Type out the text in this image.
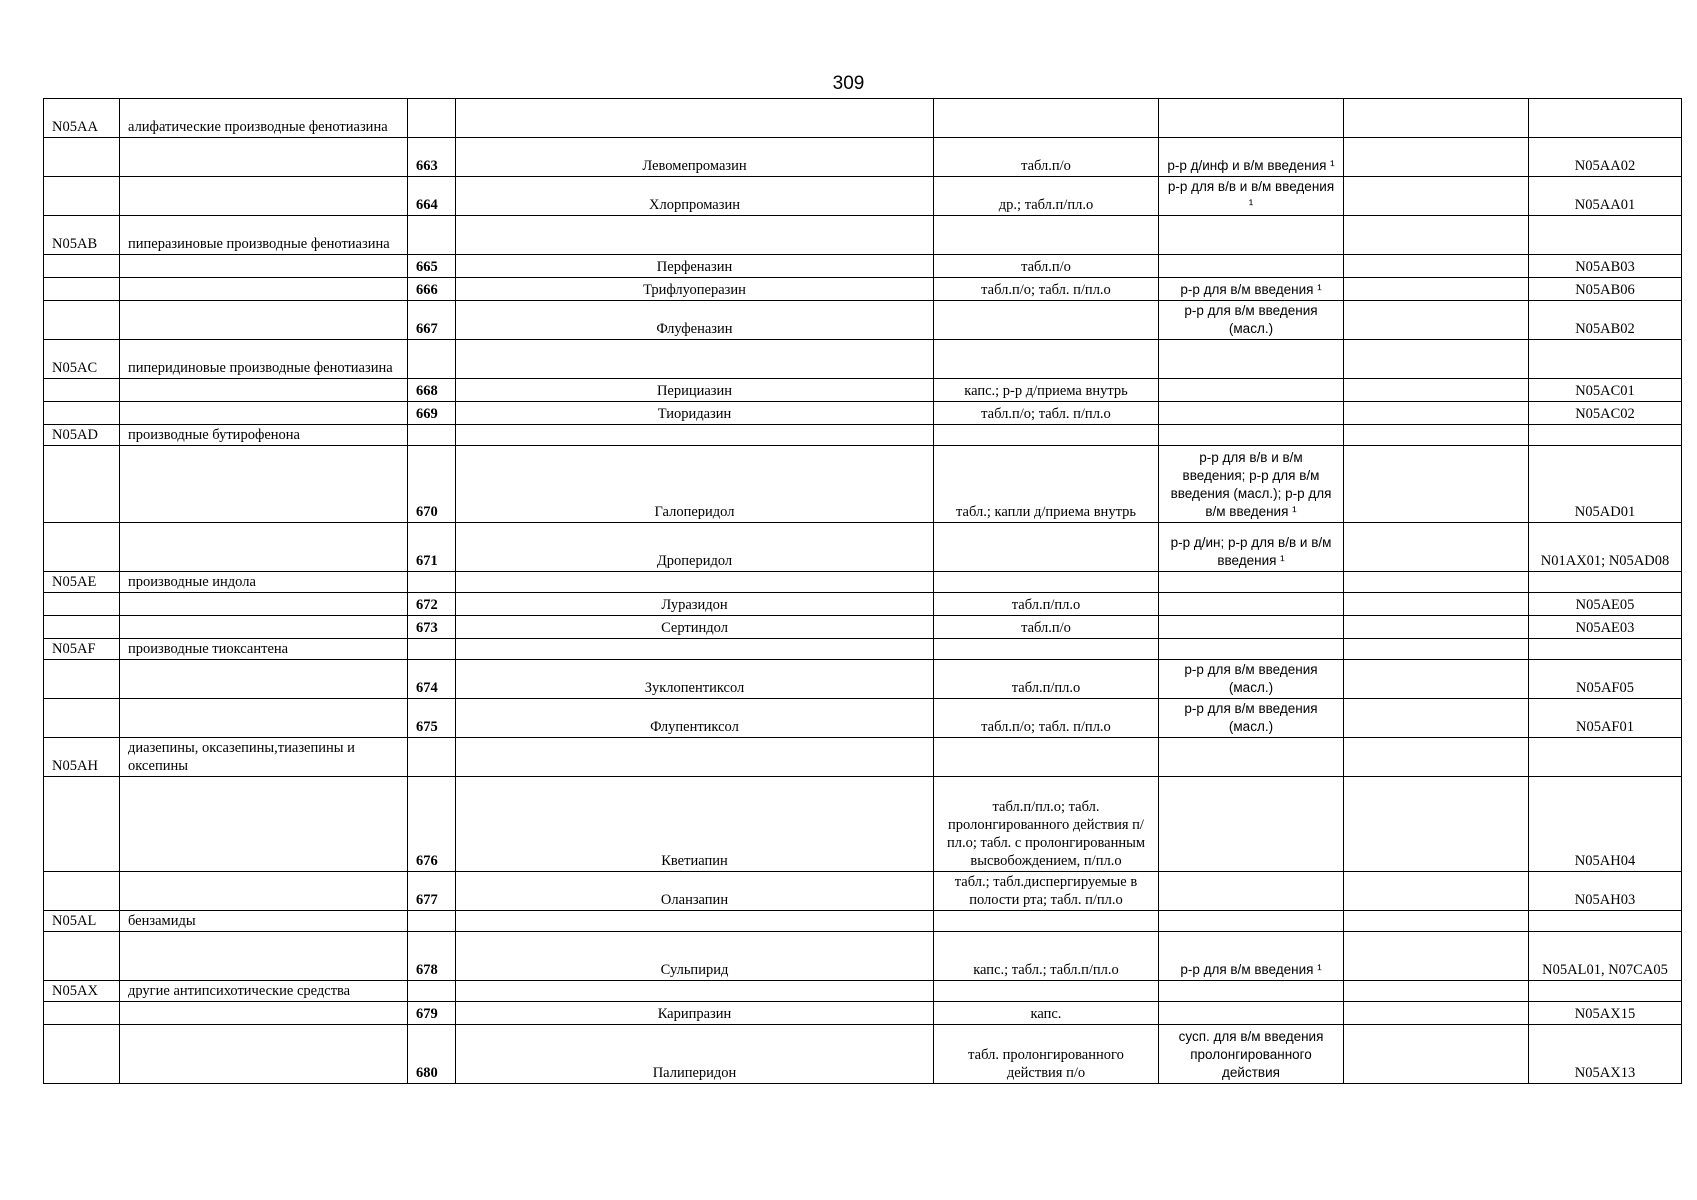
309
N05AA	алифатические производные фенотиазина						
		663	Левомепромазин	табл.п/о	р-р д/инф и в/м введения ¹		N05AA02
		664	Хлорпромазин	др.; табл.п/пл.о	р-р для в/в и в/м введения ¹		N05AA01
N05AB	пиперазиновые производные фенотиазина						
		665	Перфеназин	табл.п/о			N05AB03
		666	Трифлуоперазин	табл.п/о; табл. п/пл.о	р-р для в/м введения ¹		N05AB06
		667	Флуфеназин		р-р для в/м введения (масл.)		N05AB02
N05AC	пиперидиновые производные фенотиазина						
		668	Перициазин	капс.; р-р д/приема внутрь			N05AC01
		669	Тиоридазин	табл.п/о; табл. п/пл.о			N05AC02
N05AD	производные бутирофенона						
		670	Галоперидол	табл.; капли д/приема внутрь	р-р для в/в и в/м введения; р-р для в/м введения (масл.); р-р для в/м введения ¹		N05AD01
		671	Дроперидол		р-р д/ин; р-р для в/в и в/м введения ¹		N01AX01; N05AD08
N05AE	производные индола						
		672	Луразидон	табл.п/пл.о			N05AE05
		673	Сертиндол	табл.п/о			N05AE03
N05AF	производные тиоксантена						
		674	Зуклопентиксол	табл.п/пл.о	р-р для в/м введения (масл.)		N05AF05
		675	Флупентиксол	табл.п/о; табл. п/пл.о	р-р для в/м введения (масл.)		N05AF01
N05AH	диазепины, оксазепины,тиазепины и оксепины						
		676	Кветиапин	табл.п/пл.о; табл. пролонгированного действия п/пл.о; табл. с пролонгированным высвобождением, п/пл.о			N05AH04
		677	Оланзапин	табл.; табл.диспергируемые в полости рта; табл. п/пл.о			N05AH03
N05AL	бензамиды						
		678	Сульпирид	капс.; табл.; табл.п/пл.о	р-р для в/м введения ¹		N05AL01, N07CA05
N05AX	другие антипсихотические средства						
		679	Карипразин	капс.			N05AX15
		680	Палиперидон	табл. пролонгированного действия п/о	сусп. для в/м введения пролонгированного действия		N05AX13
